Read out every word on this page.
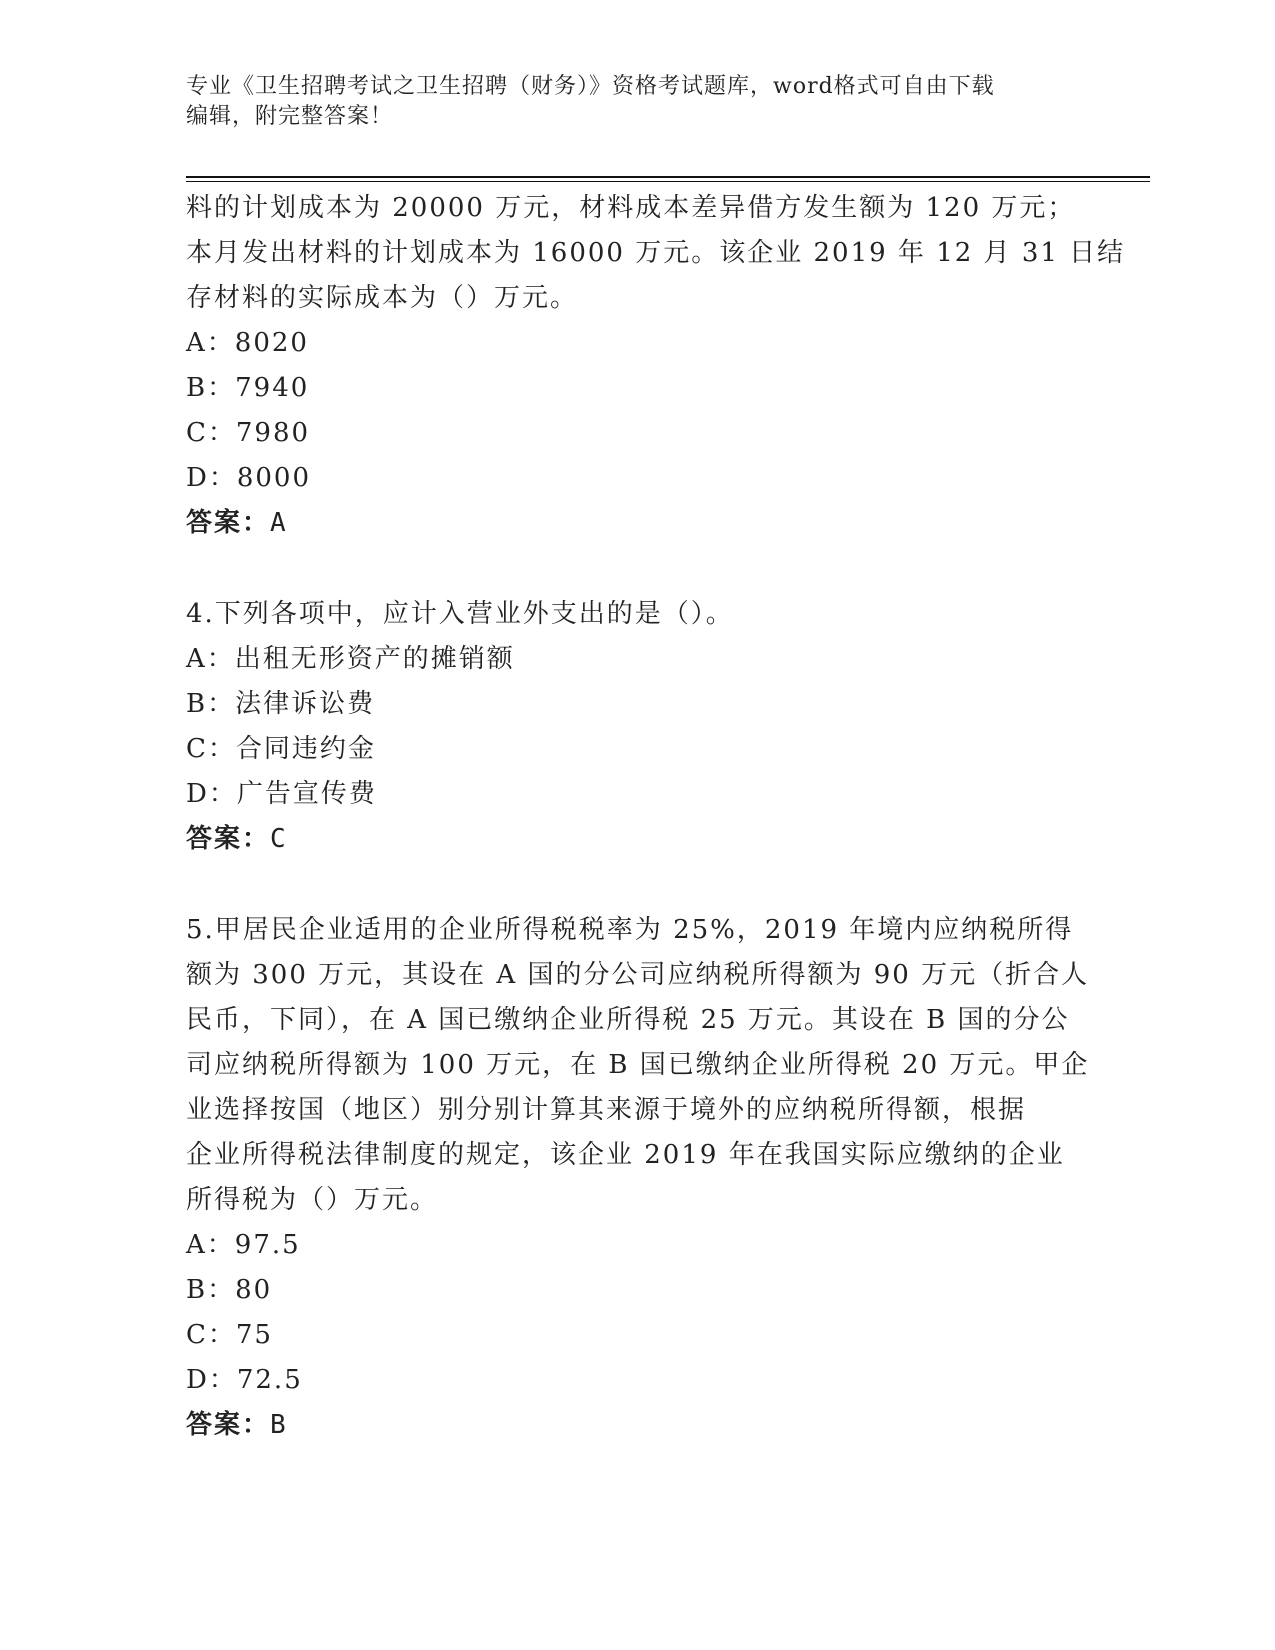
专业《卫生招聘考试之卫生招聘（财务）》资格考试题库，word格式可自由下载

编辑，附完整答案！

料的计划成本为 20000 万元，材料成本差异借方发生额为 120 万元；

本月发出材料的计划成本为 16000 万元。该企业 2019 年 12 月 31 日结

存材料的实际成本为（）万元。

A：8020

B：7940

C：7980

D：8000

答案：A

4.下列各项中，应计入营业外支出的是（）。

A：出租无形资产的摊销额

B：法律诉讼费

C：合同违约金

D：广告宣传费

答案：C

5.甲居民企业适用的企业所得税税率为 25%，2019 年境内应纳税所得

额为 300 万元，其设在 A 国的分公司应纳税所得额为 90 万元（折合人

民币，下同），在 A 国已缴纳企业所得税 25 万元。其设在 B 国的分公

司应纳税所得额为 100 万元，在 B 国已缴纳企业所得税 20 万元。甲企

业选择按国（地区）别分别计算其来源于境外的应纳税所得额，根据

企业所得税法律制度的规定，该企业 2019 年在我国实际应缴纳的企业

所得税为（）万元。

A：97.5

B：80

C：75

D：72.5

答案：B
